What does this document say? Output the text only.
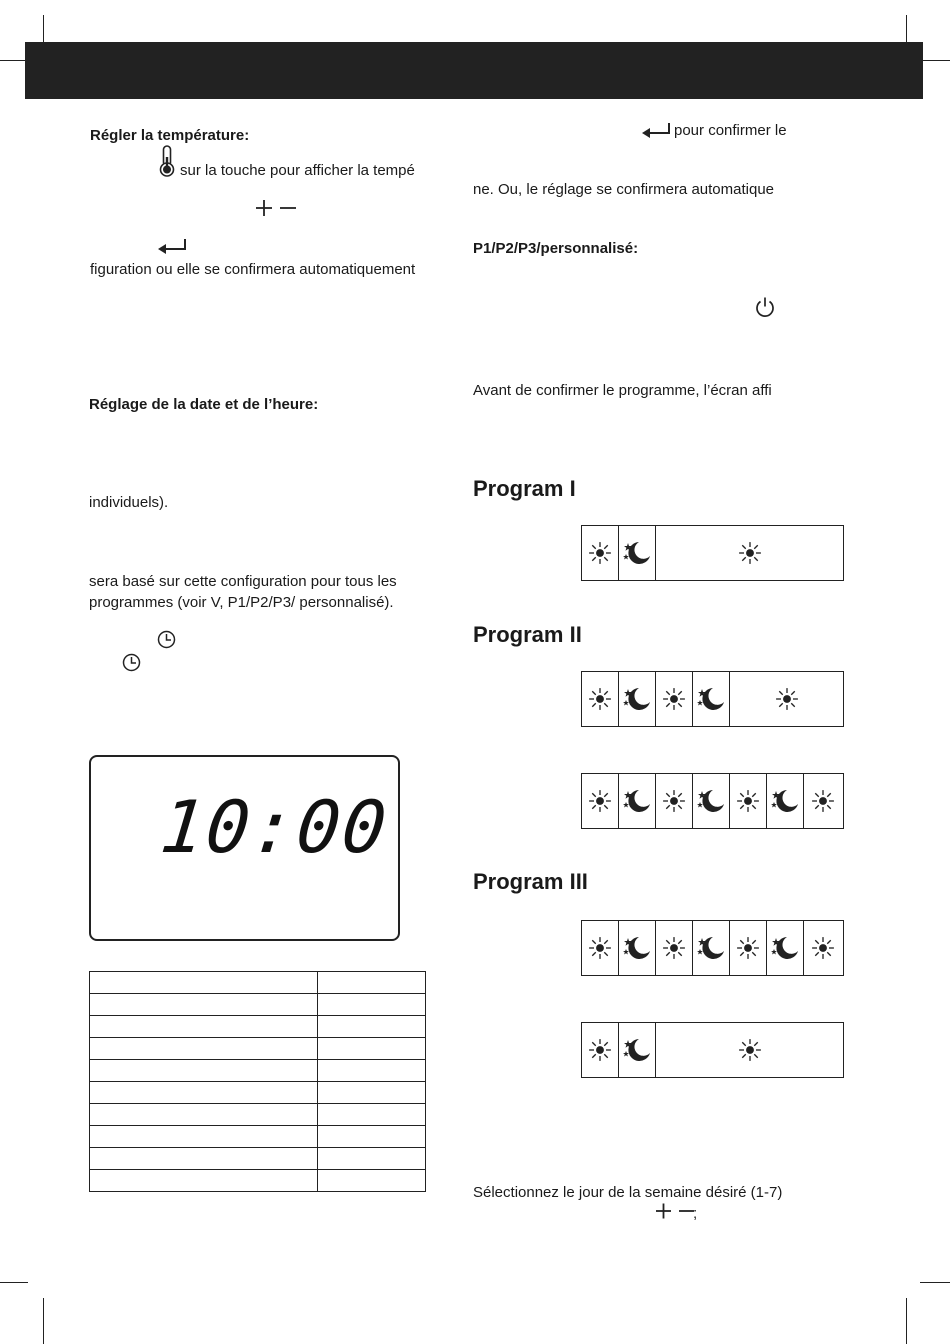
Régler la température:
sur la touche pour afficher la tempé
figuration ou elle se confirmera automatiquement
Réglage de la date et de l’heure:
individuels).
sera basé sur cette configuration pour tous les
programmes (voir V, P1/P2/P3/ personnalisé).
10:00

pour confirmer le
ne. Ou, le réglage se confirmera automatique
P1/P2/P3/personnalisé:
Avant de confirmer le programme, l’écran affi
Program I
Program II
Program III
Sélectionnez le jour de la semaine désiré (1-7)
;
